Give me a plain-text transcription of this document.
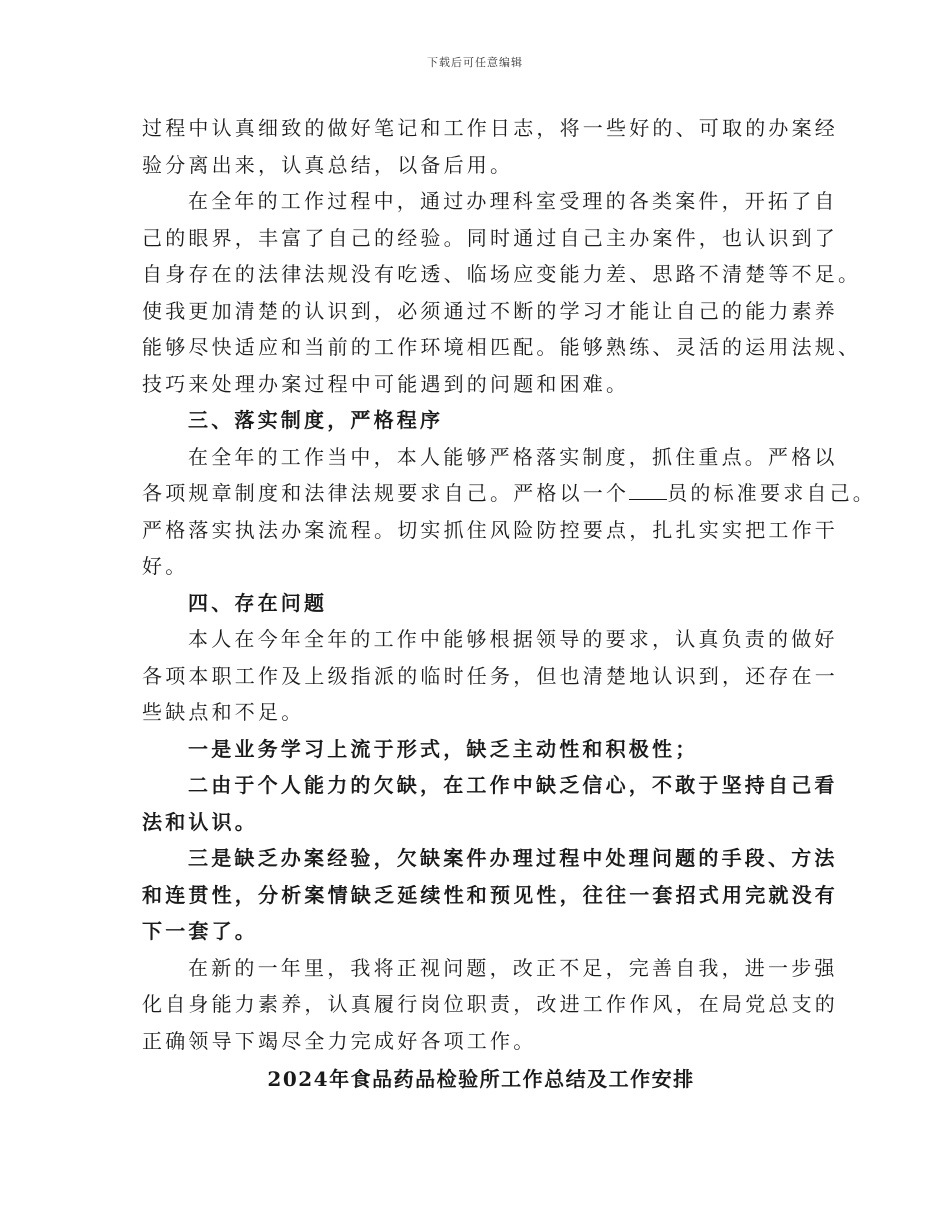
下载后可任意编辑
过程中认真细致的做好笔记和工作日志，将一些好的、可取的办案经
验分离出来，认真总结，以备后用。
在全年的工作过程中，通过办理科室受理的各类案件，开拓了自
己的眼界，丰富了自己的经验。同时通过自己主办案件，也认识到了
自身存在的法律法规没有吃透、临场应变能力差、思路不清楚等不足。
使我更加清楚的认识到，必须通过不断的学习才能让自己的能力素养
能够尽快适应和当前的工作环境相匹配。能够熟练、灵活的运用法规、
技巧来处理办案过程中可能遇到的问题和困难。
三、落实制度，严格程序
在全年的工作当中，本人能够严格落实制度，抓住重点。严格以
各项规章制度和法律法规要求自己。严格以一个 员的标准要求自己。
严格落实执法办案流程。切实抓住风险防控要点，扎扎实实把工作干
好。
四、存在问题
本人在今年全年的工作中能够根据领导的要求，认真负责的做好
各项本职工作及上级指派的临时任务，但也清楚地认识到，还存在一
些缺点和不足。
一是业务学习上流于形式，缺乏主动性和积极性；
二由于个人能力的欠缺，在工作中缺乏信心，不敢于坚持自己看
法和认识。
三是缺乏办案经验，欠缺案件办理过程中处理问题的手段、方法
和连贯性，分析案情缺乏延续性和预见性，往往一套招式用完就没有
下一套了。
在新的一年里，我将正视问题，改正不足，完善自我，进一步强
化自身能力素养，认真履行岗位职责，改进工作作风，在局党总支的
正确领导下竭尽全力完成好各项工作。
2024年食品药品检验所工作总结及工作安排
